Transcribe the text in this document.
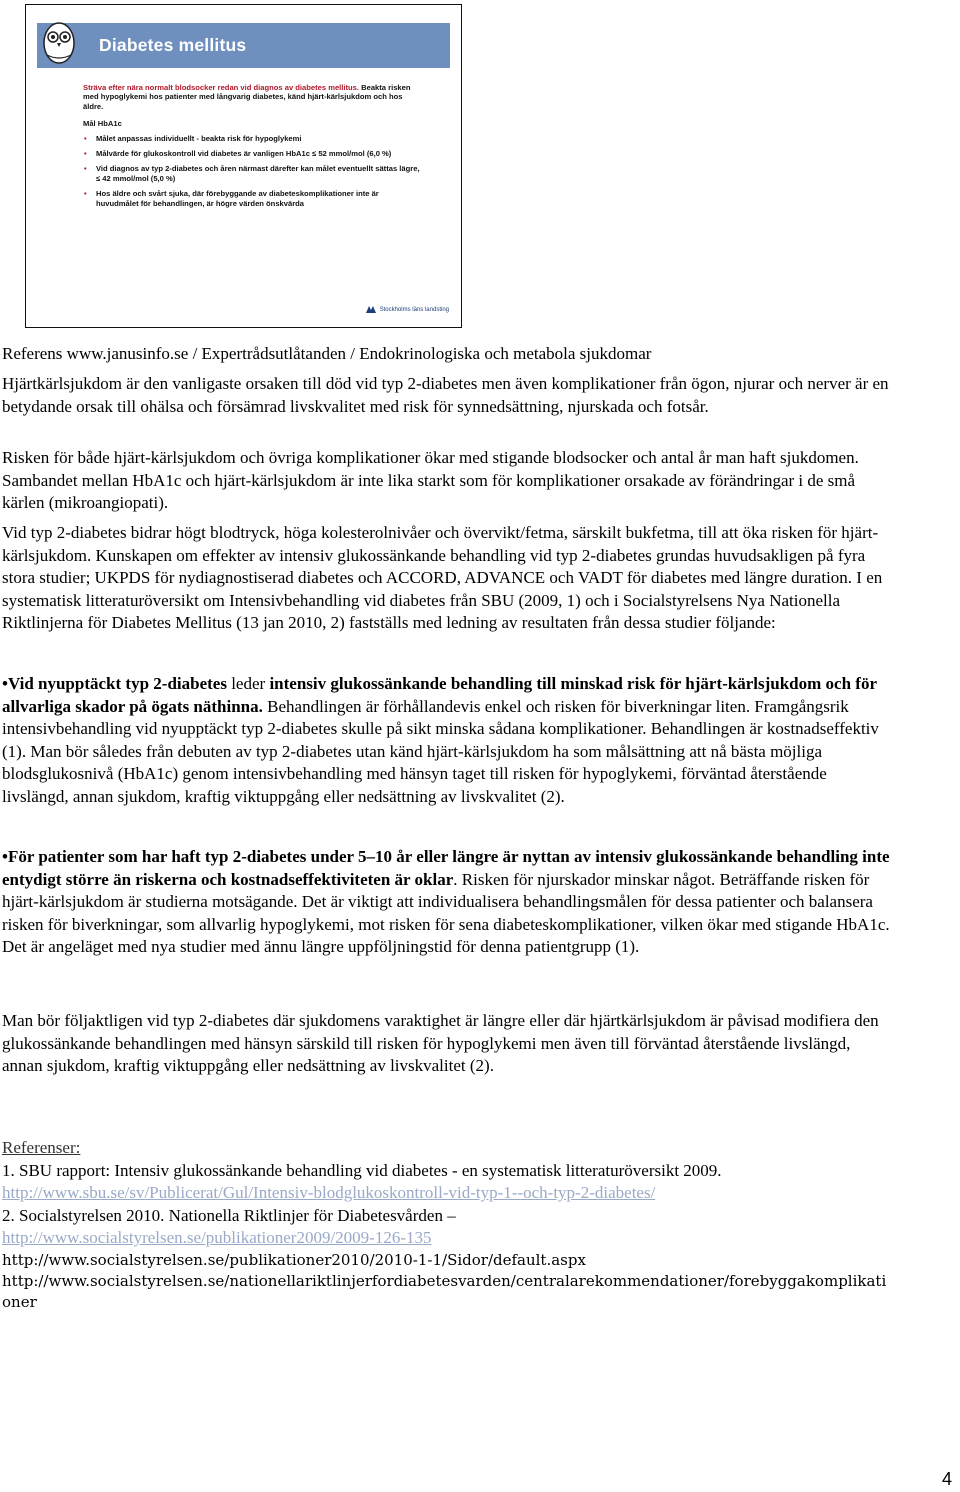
Diabetes mellitus
Sträva efter nära normalt blodsocker redan vid diagnos av diabetes mellitus. Beakta risken med hypoglykemi hos patienter med långvarig diabetes, känd hjärt-kärlsjukdom och hos äldre.
Mål HbA1c
• Målet anpassas individuellt - beakta risk för hypoglykemi
• Målvärde för glukoskontroll vid diabetes är vanligen HbA1c ≤ 52 mmol/mol (6,0 %)
• Vid diagnos av typ 2-diabetes och åren närmast därefter kan målet eventuellt sättas lägre, ≤ 42 mmol/mol (5,0 %)
• Hos äldre och svårt sjuka, där förebyggande av diabeteskomplikationer inte är huvudmålet för behandlingen, är högre värden önskvärda
Stockholms läns landsting
Referens www.janusinfo.se / Expertrådsutlåtanden / Endokrinologiska och metabola sjukdomar
Hjärtkärlsjukdom är den vanligaste orsaken till död vid typ 2-diabetes men även komplikationer från ögon, njurar och nerver är en betydande orsak till ohälsa och försämrad livskvalitet med risk för synnedsättning, njurskada och fotsår.
Risken för både hjärt-kärlsjukdom och övriga komplikationer ökar med stigande blodsocker och antal år man haft sjukdomen. Sambandet mellan HbA1c och hjärt-kärlsjukdom är inte lika starkt som för komplikationer orsakade av förändringar i de små kärlen (mikroangiopati).
Vid typ 2-diabetes bidrar högt blodtryck, höga kolesterolnivåer och övervikt/fetma, särskilt bukfetma, till att öka risken för hjärt-kärlsjukdom. Kunskapen om effekter av intensiv glukossänkande behandling vid typ 2-diabetes grundas huvudsakligen på fyra stora studier; UKPDS för nydiagnostiserad diabetes och ACCORD, ADVANCE och VADT för diabetes med längre duration. I en systematisk litteraturöversikt om Intensivbehandling vid diabetes från SBU (2009, 1) och i Socialstyrelsens Nya Nationella Riktlinjerna för Diabetes Mellitus (13 jan 2010, 2) fastställs med ledning av resultaten från dessa studier följande:
•Vid nyupptäckt typ 2-diabetes leder intensiv glukossänkande behandling till minskad risk för hjärt-kärlsjukdom och för allvarliga skador på ögats näthinna. Behandlingen är förhållandevis enkel och risken för biverkningar liten. Framgångsrik intensivbehandling vid nyupptäckt typ 2-diabetes skulle på sikt minska sådana komplikationer. Behandlingen är kostnadseffektiv (1). Man bör således från debuten av typ 2-diabetes utan känd hjärt-kärlsjukdom ha som målsättning att nå bästa möjliga blodsglukosnivå (HbA1c) genom intensivbehandling med hänsyn taget till risken för hypoglykemi, förväntad återstående livslängd, annan sjukdom, kraftig viktuppgång eller nedsättning av livskvalitet (2).
•För patienter som har haft typ 2-diabetes under 5–10 år eller längre är nyttan av intensiv glukossänkande behandling inte entydigt större än riskerna och kostnadseffektiviteten är oklar. Risken för njurskador minskar något. Beträffande risken för hjärt-kärlsjukdom är studierna motsägande. Det är viktigt att individualisera behandlingsmålen för dessa patienter och balansera risken för biverkningar, som allvarlig hypoglykemi, mot risken för sena diabeteskomplikationer, vilken ökar med stigande HbA1c. Det är angeläget med nya studier med ännu längre uppföljningstid för denna patientgrupp (1).
Man bör följaktligen vid typ 2-diabetes där sjukdomens varaktighet är längre eller där hjärtkärlsjukdom är påvisad modifiera den glukossänkande behandlingen med hänsyn särskild till risken för hypoglykemi men även till förväntad återstående livslängd, annan sjukdom, kraftig viktuppgång eller nedsättning av livskvalitet (2).
Referenser:
1. SBU rapport: Intensiv glukossänkande behandling vid diabetes - en systematisk litteraturöversikt 2009.
http://www.sbu.se/sv/Publicerat/Gul/Intensiv-blodglukoskontroll-vid-typ-1--och-typ-2-diabetes/
2. Socialstyrelsen 2010. Nationella Riktlinjer för Diabetesvården –
http://www.socialstyrelsen.se/publikationer2009/2009-126-135
http://www.socialstyrelsen.se/publikationer2010/2010-1-1/Sidor/default.aspx
http://www.socialstyrelsen.se/nationellariktlinjerfordiabetesvarden/centralarekommendationer/forebyggakomplikati oner
4
